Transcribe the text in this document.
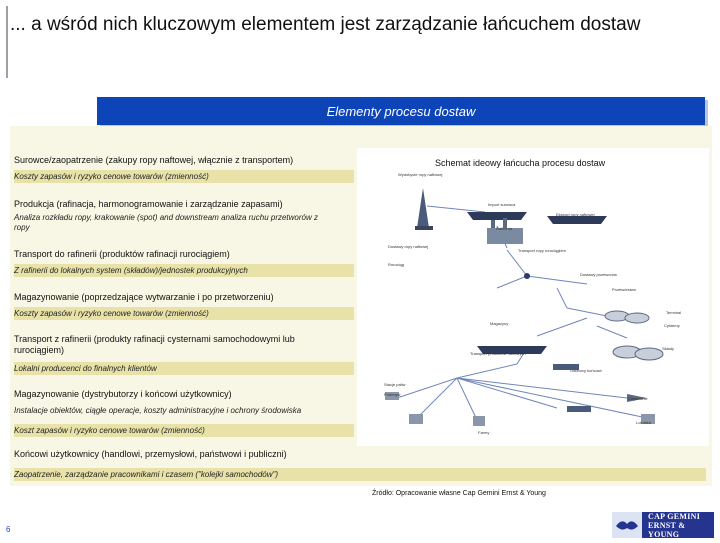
... a wśród nich kluczowym elementem jest zarządzanie łańcuchem dostaw
Elementy procesu dostaw
Schemat ideowy łańcucha procesu dostaw
Surowce/zaopatrzenie (zakupy ropy naftowej, włącznie z transportem)
Koszty zapasów i ryzyko cenowe towarów (zmienność)
Produkcja (rafinacja, harmonogramowanie i zarządzanie zapasami)
Analiza rozkładu ropy, krakowanie (spot) and downstream analiza ruchu przetworów z ropy
Transport do rafinerii (produktów rafinacji rurociągiem)
Z rafinerii do lokalnych system (składów)/jednostek produkcyjnych
Magazynowanie (poprzedzające wytwarzanie i po przetworzeniu)
Koszty zapasów i ryzyko cenowe towarów (zmienność)
Transport z rafinerii (produkty rafinacji cysternami samochodowymi lub rurociągiem)
Lokalni producenci do finalnych klientów
Magazynowanie (dystrybutorzy i końcowi użytkownicy)
Instalacje obiektów, ciągłe operacje, koszty administracyjne i ochrony środowiska
Koszt zapasów i ryzyko cenowe towarów (zmienność)
Końcowi użytkownicy (handlowi, przemysłowi, państwowi i publiczni)
Zaopatrzenie, zarządzanie pracownikami i czasem ("kolejki samochodów")
Wydobycie ropy naftowej
Import surowca
Eksport ropy naftowej
Rafineria
Dostawy ropy naftowej
Rurociąg
Transport ropy rurociągiem
Dostawy przetworów
Przetwórstwo
Terminal
Cysterny
Magazyny
Transport produktów naftowych
Składy
Odbiorcy końcowi
Stacje paliw
Przemysł
Farmy
Ciepłownie
Lotniska
Źródło: Opracowanie własne Cap Gemini Ernst & Young
6
CAP GEMINI
ERNST & YOUNG
